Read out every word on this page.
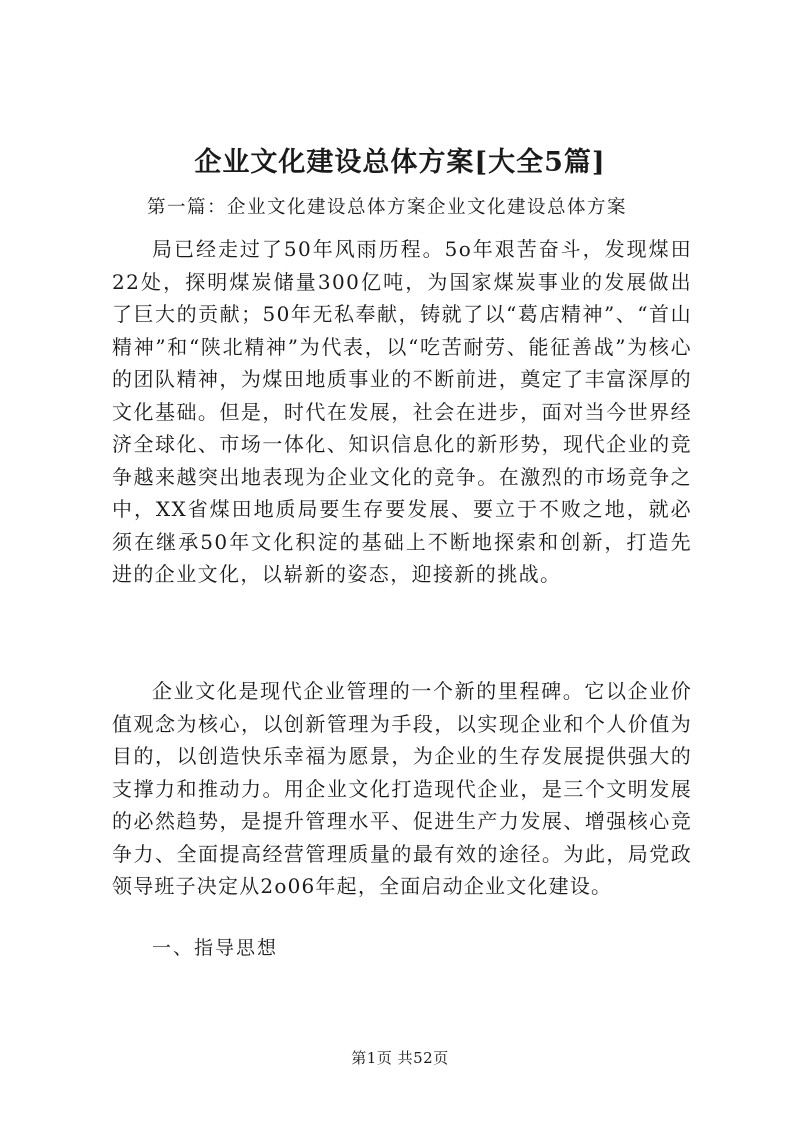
企业文化建设总体方案[大全5篇]
第一篇：企业文化建设总体方案企业文化建设总体方案

局已经走过了50年风雨历程。5o年艰苦奋斗，发现煤田22处，探明煤炭储量300亿吨，为国家煤炭事业的发展做出了巨大的贡献；50年无私奉献，铸就了以“葛店精神”、“首山精神”和“陕北精神”为代表，以“吃苦耐劳、能征善战”为核心的团队精神，为煤田地质事业的不断前进，奠定了丰富深厚的文化基础。但是，时代在发展，社会在进步，面对当今世界经济全球化、市场一体化、知识信息化的新形势，现代企业的竞争越来越突出地表现为企业文化的竞争。在激烈的市场竞争之中，XX省煤田地质局要生存要发展、要立于不败之地，就必须在继承50年文化积淀的基础上不断地探索和创新，打造先进的企业文化，以崭新的姿态，迎接新的挑战。

企业文化是现代企业管理的一个新的里程碑。它以企业价值观念为核心，以创新管理为手段，以实现企业和个人价值为目的，以创造快乐幸福为愿景，为企业的生存发展提供强大的支撑力和推动力。用企业文化打造现代企业，是三个文明发展的必然趋势，是提升管理水平、促进生产力发展、增强核心竞争力、全面提高经营管理质量的最有效的途径。为此，局党政领导班子决定从2o06年起，全面启动企业文化建设。

一、指导思想
第1页 共52页
